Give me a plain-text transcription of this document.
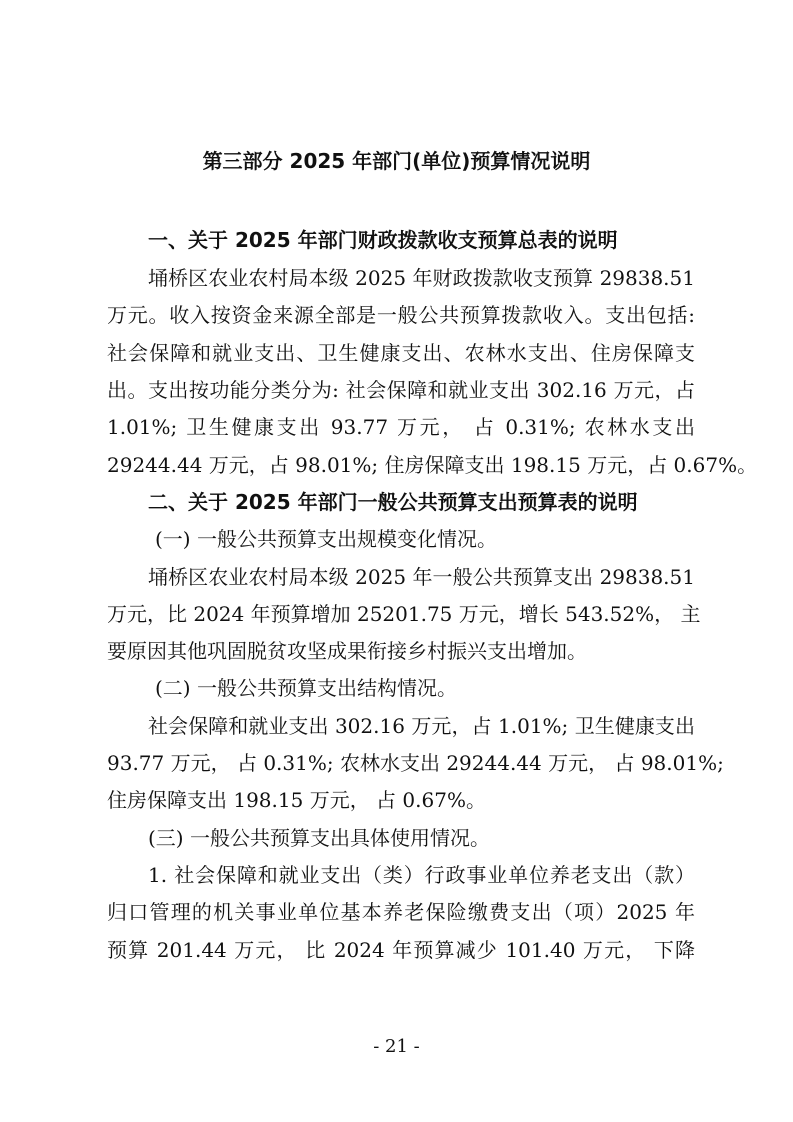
第三部分 2025 年部门(单位)预算情况说明
一、关于 2025 年部门财政拨款收支预算总表的说明
埇桥区农业农村局本级 2025 年财政拨款收支预算 29838.51
万元。收入按资金来源全部是一般公共预算拨款收入。支出包括:
社会保障和就业支出、卫生健康支出、农林水支出、住房保障支
出。支出按功能分类分为: 社会保障和就业支出 302.16 万元，占
1.01%; 卫生健康支出 93.77 万元， 占 0.31%; 农林水支出
29244.44 万元，占 98.01%; 住房保障支出 198.15 万元，占 0.67%。
二、关于 2025 年部门一般公共预算支出预算表的说明
(一) 一般公共预算支出规模变化情况。
埇桥区农业农村局本级 2025 年一般公共预算支出 29838.51
万元，比 2024 年预算增加 25201.75 万元，增长 543.52%， 主
要原因其他巩固脱贫攻坚成果衔接乡村振兴支出增加。
(二) 一般公共预算支出结构情况。
社会保障和就业支出 302.16 万元，占 1.01%; 卫生健康支出
93.77 万元， 占 0.31%; 农林水支出 29244.44 万元， 占 98.01%;
住房保障支出 198.15 万元， 占 0.67%。
(三) 一般公共预算支出具体使用情况。
1. 社会保障和就业支出（类）行政事业单位养老支出（款）
归口管理的机关事业单位基本养老保险缴费支出（项）2025 年
预算 201.44 万元， 比 2024 年预算减少 101.40 万元， 下降
- 21 -
